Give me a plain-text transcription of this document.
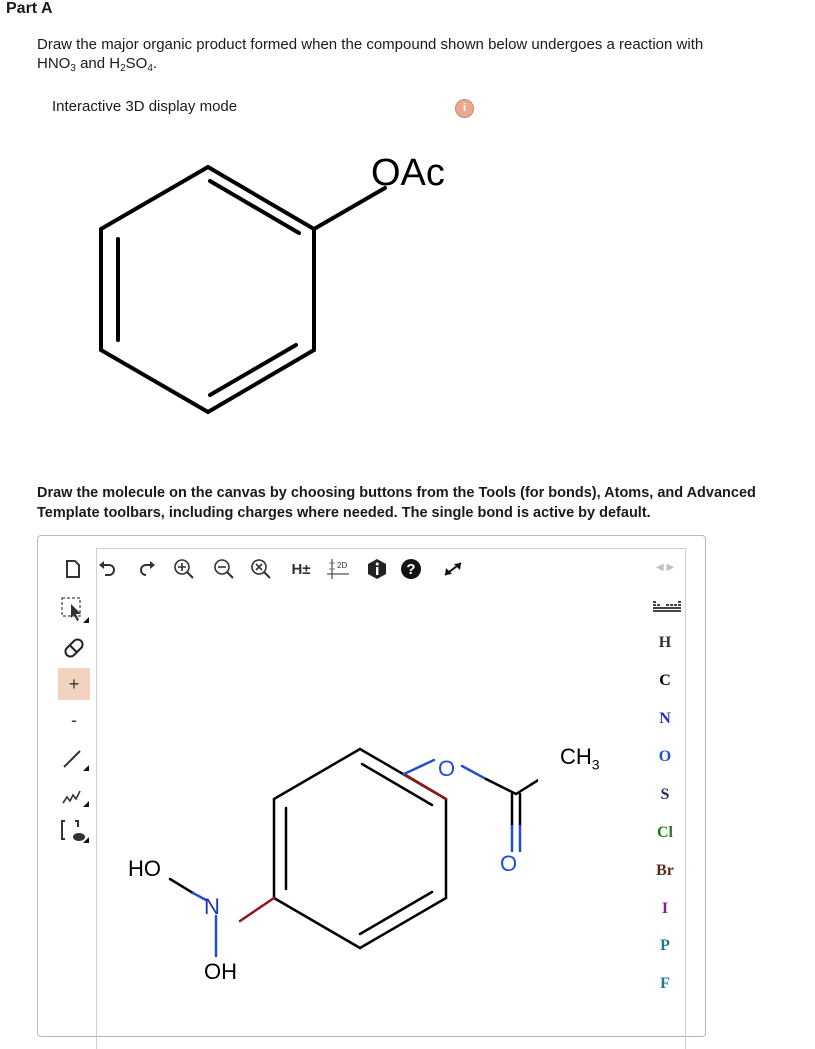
Part A
Draw the major organic product formed when the compound shown below undergoes a reaction with
$HNO_3$ and $H_2SO_4$.
Interactive 3D display mode	i
OAc
Draw the molecule on the canvas by choosing buttons from the Tools (for bonds), Atoms, and Advanced Template toolbars, including charges where needed. The single bond is active by default.
H±	2D	?	◀ ▶
+
-
H
C
N
O
S
Cl
Br
I
P
F
HO
N
OH
O	$CH_3$
O
